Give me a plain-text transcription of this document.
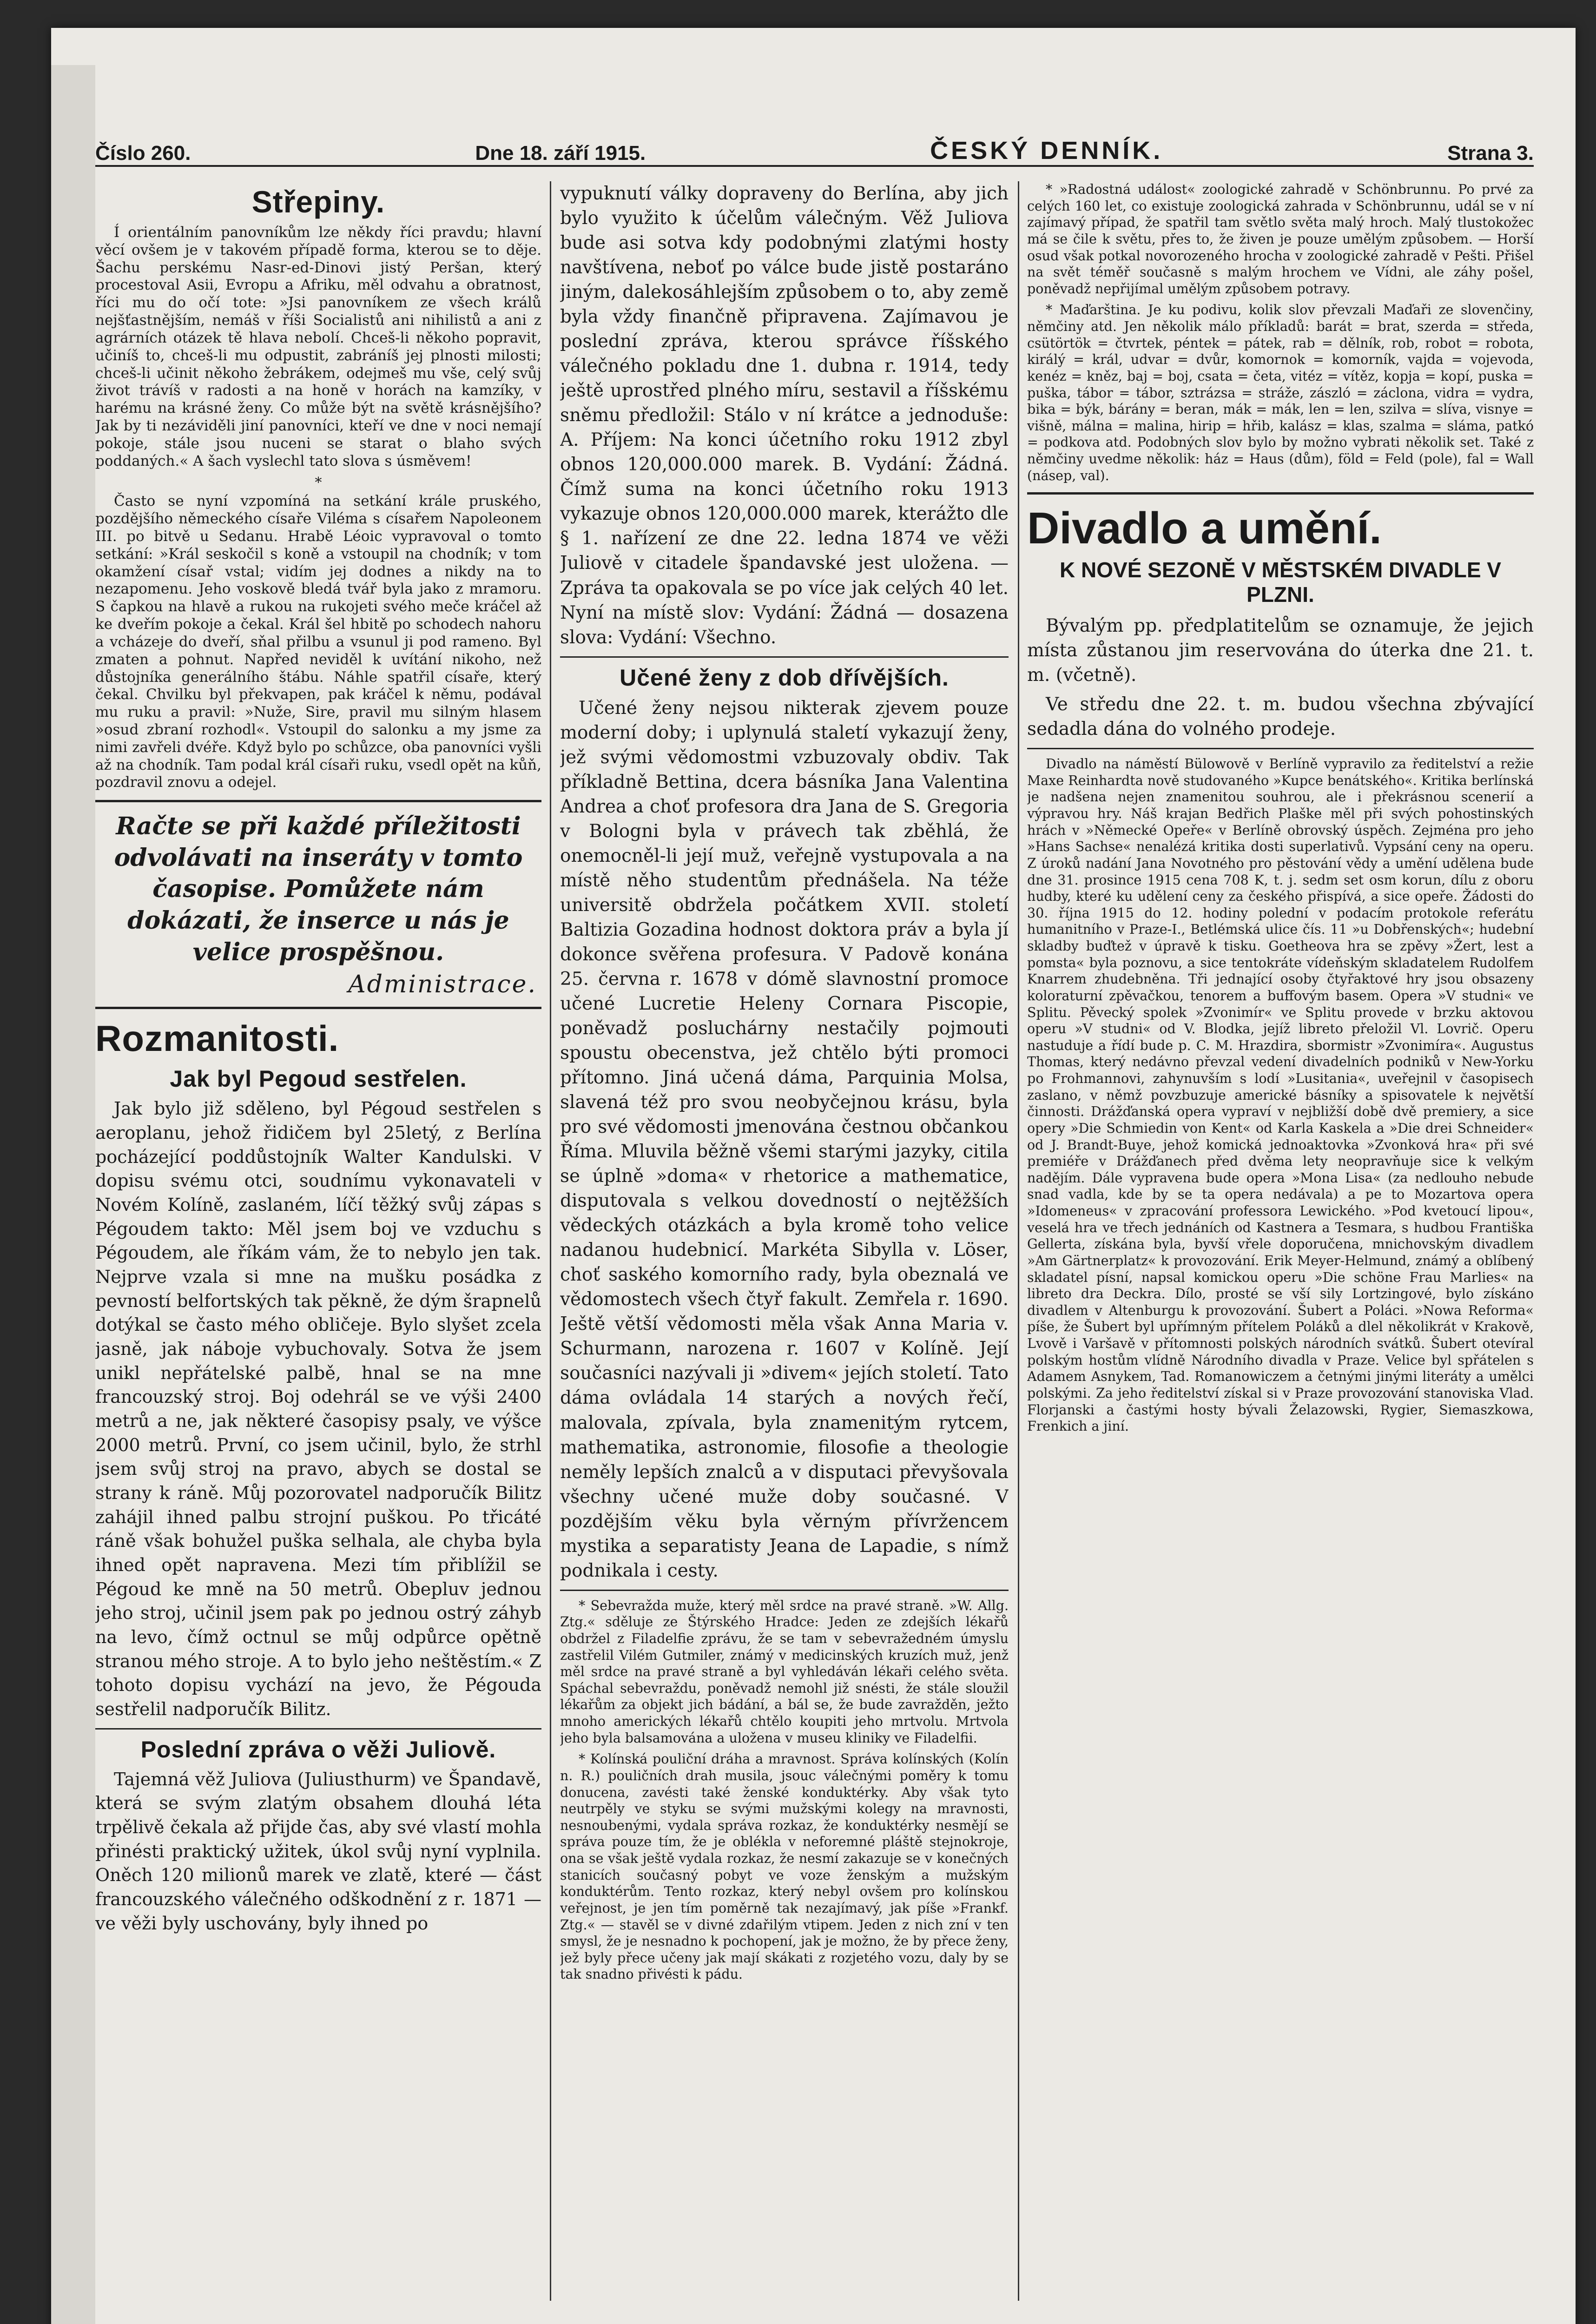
Číslo 260.	Dne 18. září 1915.	ČESKÝ DENNÍK.	Strana 3.
Střepiny.

Í orientálním panovníkům lze někdy říci pravdu; hlavní věcí ovšem je v takovém případě forma, kterou se to děje. Šachu perskému Nasr-ed-Dinovi jistý Peršan, který procestoval Asii, Evropu a Afriku, měl odvahu a obratnost, říci mu do očí tote: »Jsi panovníkem ze všech králů nejšťastnějším, nemáš v říši Socialistů ani nihilistů a ani z agrárních otázek tě hlava nebolí. Chceš-li někoho popravit, učiníš to, chceš-li mu odpustit, zabráníš jej plnosti milosti; chceš-li učinit někoho žebrákem, odejmeš mu vše, celý svůj život trávíš v radosti a na honě v horách na kamzíky, v harému na krásné ženy. Co může být na světě krásnějšího? Jak by ti nezáviděli jiní panovníci, kteří ve dne v noci nemají pokoje, stále jsou nuceni se starat o blaho svých poddaných.« A šach vyslechl tato slova s úsměvem!

*

Často se nyní vzpomíná na setkání krále pruského, pozdějšího německého císaře Viléma s císařem Napoleonem III. po bitvě u Sedanu. Hrabě Léoic vypravoval o tomto setkání: »Král seskočil s koně a vstoupil na chodník; v tom okamžení císař vstal; vidím jej dodnes a nikdy na to nezapomenu. Jeho voskově bledá tvář byla jako z mramoru. S čapkou na hlavě a rukou na rukojeti svého meče kráčel až ke dveřím pokoje a čekal. Král šel hbitě po schodech nahoru a vcházeje do dveří, sňal přilbu a vsunul ji pod rameno. Byl zmaten a pohnut. Napřed neviděl k uvítání nikoho, než důstojníka generálního štábu. Náhle spatřil císaře, který čekal. Chvilku byl překvapen, pak kráčel k němu, podával mu ruku a pravil: »Nuže, Sire, pravil mu silným hlasem »osud zbraní rozhodl«. Vstoupil do salonku a my jsme za nimi zavřeli dvéře. Když bylo po schůzce, oba panovníci vyšli až na chodník. Tam podal král císaři ruku, vsedl opět na kůň, pozdravil znovu a odejel.

Račte se při každé příležitosti odvolávati na inseráty v tomto časopise. Pomůžete nám dokázati, že inserce u nás je velice prospěšnou.
Administrace.
Rozmanitosti.
Jak byl Pegoud sestřelen.

Jak bylo již sděleno, byl Pégoud sestřelen s aeroplanu, jehož řidičem byl 25letý, z Berlína pocházející poddůstojník Walter Kandulski. V dopisu svému otci, soudnímu vykonavateli v Novém Kolíně, zaslaném, líčí těžký svůj zápas s Pégoudem takto: Měl jsem boj ve vzduchu s Pégoudem, ale říkám vám, že to nebylo jen tak. Nejprve vzala si mne na mušku posádka z pevností belfortských tak pěkně, že dým šrapnelů dotýkal se často mého obličeje. Bylo slyšet zcela jasně, jak náboje vybuchovaly. Sotva že jsem unikl nepřátelské palbě, hnal se na mne francouzský stroj. Boj odehrál se ve výši 2400 metrů a ne, jak některé časopisy psaly, ve výšce 2000 metrů. První, co jsem učinil, bylo, že strhl jsem svůj stroj na pravo, abych se dostal se strany k ráně. Můj pozorovatel nadporučík Bilitz zahájil ihned palbu strojní puškou. Po třicáté ráně však bohužel puška selhala, ale chyba byla ihned opět napravena. Mezi tím přiblížil se Pégoud ke mně na 50 metrů. Obepluv jednou jeho stroj, učinil jsem pak po jednou ostrý záhyb na levo, čímž octnul se můj odpůrce opětně stranou mého stroje. A to bylo jeho neštěstím.« Z tohoto dopisu vychází na jevo, že Pégouda sestřelil nadporučík Bilitz.

Poslední zpráva o věži Juliově.

Tajemná věž Juliova (Juliusthurm) ve Špandavě, která se svým zlatým obsahem dlouhá léta trpělivě čekala až přijde čas, aby své vlastí mohla přinésti praktický užitek, úkol svůj nyní vyplnila. Oněch 120 milionů marek ve zlatě, které — část francouzského válečného odškodnění z r. 1871 — ve věži byly uschovány, byly ihned po

vypuknutí války dopraveny do Berlína, aby jich bylo využito k účelům válečným. Věž Juliova bude asi sotva kdy podobnými zlatými hosty navštívena, neboť po válce bude jistě postaráno jiným, dalekosáhlejším způsobem o to, aby země byla vždy finančně připravena. Zajímavou je poslední zpráva, kterou správce říšského válečného pokladu dne 1. dubna r. 1914, tedy ještě uprostřed plného míru, sestavil a říšskému sněmu předložil: Stálo v ní krátce a jednoduše: A. Příjem: Na konci účetního roku 1912 zbyl obnos 120,000.000 marek. B. Vydání: Žádná. Čímž suma na konci účetního roku 1913 vykazuje obnos 120,000.000 marek, kterážto dle § 1. nařízení ze dne 22. ledna 1874 ve věži Juliově v citadele špandavské jest uložena. — Zpráva ta opakovala se po více jak celých 40 let. Nyní na místě slov: Vydání: Žádná — dosazena slova: Vydání: Všechno.

Učené ženy z dob dřívějších.

Učené ženy nejsou nikterak zjevem pouze moderní doby; i uplynulá staletí vykazují ženy, jež svými vědomostmi vzbuzovaly obdiv. Tak příkladně Bettina, dcera básníka Jana Valentina Andrea a choť profesora dra Jana de S. Gregoria v Bologni byla v právech tak zběhlá, že onemocněl-li její muž, veřejně vystupovala a na místě něho studentům přednášela. Na téže universitě obdržela počátkem XVII. století Baltizia Gozadina hodnost doktora práv a byla jí dokonce svěřena profesura. V Padově konána 25. června r. 1678 v dómě slavnostní promoce učené Lucretie Heleny Cornara Piscopie, poněvadž posluchárny nestačily pojmouti spoustu obecenstva, jež chtělo býti promoci přítomno. Jiná učená dáma, Parquinia Molsa, slavená též pro svou neobyčejnou krásu, byla pro své vědomosti jmenována čestnou občankou Říma. Mluvila běžně všemi starými jazyky, citila se úplně »doma« v rhetorice a mathematice, disputovala s velkou dovedností o nejtěžších vědeckých otázkách a byla kromě toho velice nadanou hudebnicí. Markéta Sibylla v. Löser, choť saského komorního rady, byla obeznalá ve vědomostech všech čtyř fakult. Zemřela r. 1690. Ještě větší vědomosti měla však Anna Maria v. Schurmann, narozena r. 1607 v Kolíně. Její současníci nazývali ji »divem« jejích století. Tato dáma ovládala 14 starých a nových řečí, malovala, zpívala, byla znamenitým rytcem, mathematika, astronomie, filosofie a theologie neměly lepších znalců a v disputaci převyšovala všechny učené muže doby současné. V pozdějším věku byla věrným přívržencem mystika a separatisty Jeana de Lapadie, s nímž podnikala i cesty.

* Sebevražda muže, který měl srdce na pravé straně. »W. Allg. Ztg.« sděluje ze Štýrského Hradce: Jeden ze zdejších lékařů obdržel z Filadelfie zprávu, že se tam v sebevražedném úmyslu zastřelil Vilém Gutmiler, známý v medicinských kruzích muž, jenž měl srdce na pravé straně a byl vyhledáván lékaři celého světa. Spáchal sebevraždu, poněvadž nemohl již snésti, že stále sloužil lékařům za objekt jich bádání, a bál se, že bude zavražděn, ježto mnoho amerických lékařů chtělo koupiti jeho mrtvolu. Mrtvola jeho byla balsamována a uložena v museu kliniky ve Filadelfii.

* Kolínská pouliční dráha a mravnost. Správa kolínských (Kolín n. R.) pouličních drah musila, jsouc válečnými poměry k tomu donucena, zavésti také ženské konduktérky. Aby však tyto neutrpěly ve styku se svými mužskými kolegy na mravnosti, nesnoubenými, vydala správa rozkaz, že konduktérky nesmějí se správa pouze tím, že je oblékla v neforemné pláště stejnokroje, ona se však ještě vydala rozkaz, že nesmí zakazuje se v konečných stanicích současný pobyt ve voze ženským a mužským konduktérům. Tento rozkaz, který nebyl ovšem pro kolínskou veřejnost, je jen tím poměrně tak nezajímavý, jak píše »Frankf. Ztg.« — stavěl se v divné zdařilým vtipem. Jeden z nich zní v ten smysl, že je nesnadno k pochopení, jak je možno, že by přece ženy, jež byly přece učeny jak mají skákati z rozjetého vozu, daly by se tak snadno přivésti k pádu.

* »Radostná událost« zoologické zahradě v Schönbrunnu. Po prvé za celých 160 let, co existuje zoologická zahrada v Schönbrunnu, udál se v ní zajímavý případ, že spatřil tam světlo světa malý hroch. Malý tlustokožec má se čile k světu, přes to, že živen je pouze umělým způsobem. — Horší osud však potkal novorozeného hrocha v zoologické zahradě v Pešti. Přišel na svět téměř současně s malým hrochem ve Vídni, ale záhy pošel, poněvadž nepřijímal umělým způsobem potravy.

* Maďarština. Je ku podivu, kolik slov převzali Maďaři ze slovenčiny, němčiny atd. Jen několik málo příkladů: barát = brat, szerda = středa, csütörtök = čtvrtek, péntek = pátek, rab = dělník, rob, robot = robota, királý = král, udvar = dvůr, komornok = komorník, vajda = vojevoda, kenéz = kněz, baj = boj, csata = četa, vitéz = vítěz, kopja = kopí, puska = puška, tábor = tábor, sztrázsa = stráže, zászló = záclona, vidra = vydra, bika = býk, bárány = beran, mák = mák, len = len, szilva = slíva, visnye = višně, málna = malina, hirip = hřib, kalász = klas, szalma = sláma, patkó = podkova atd. Podobných slov bylo by možno vybrati několik set. Také z němčiny uvedme několik: ház = Haus (dům), föld = Feld (pole), fal = Wall (násep, val).

Divadlo a umění.
K NOVÉ SEZONĚ V MĚSTSKÉM DIVADLE V PLZNI.

Bývalým pp. předplatitelům se oznamuje, že jejich místa zůstanou jim reservována do úterka dne 21. t. m. (včetně).

Ve středu dne 22. t. m. budou všechna zbývající sedadla dána do volného prodeje.

Divadlo na náměstí Bülowově v Berlíně vypravilo za ředitelství a režie Maxe Reinhardta nově studovaného »Kupce benátského«. Kritika berlínská je nadšena nejen znamenitou souhrou, ale i překrásnou scenerií a výpravou hry. Náš krajan Bedřich Plaške měl při svých pohostinských hrách v »Německé Opeře« v Berlíně obrovský úspěch. Zejména pro jeho »Hans Sachse« nenalézá kritika dosti superlativů. Vypsání ceny na operu. Z úroků nadání Jana Novotného pro pěstování vědy a umění udělena bude dne 31. prosince 1915 cena 708 K, t. j. sedm set osm korun, dílu z oboru hudby, které ku udělení ceny za českého přispívá, a sice opeře. Žádosti do 30. října 1915 do 12. hodiny polední v podacím protokole referátu humanitního v Praze-I., Betlémská ulice čís. 11 »u Dobřenských«; hudební skladby buďtež v úpravě k tisku. Goetheova hra se zpěvy »Žert, lest a pomsta« byla poznovu, a sice tentokráte vídeňským skladatelem Rudolfem Knarrem zhudebněna. Tři jednající osoby čtyřaktové hry jsou obsazeny koloraturní zpěvačkou, tenorem a buffovým basem. Opera »V studni« ve Splitu. Pěvecký spolek »Zvonimír« ve Splitu provede v brzku aktovou operu »V studni« od V. Blodka, jejíž libreto přeložil Vl. Lovrič. Operu nastuduje a řídí bude p. C. M. Hrazdira, sbormistr »Zvonimíra«. Augustus Thomas, který nedávno převzal vedení divadelních podniků v New-Yorku po Frohmannovi, zahynuvším s lodí »Lusitania«, uveřejnil v časopisech zaslano, v němž povzbuzuje americké básníky a spisovatele k největší činnosti. Drážďanská opera vypraví v nejbližší době dvě premiery, a sice opery »Die Schmiedin von Kent« od Karla Kaskela a »Die drei Schneider« od J. Brandt-Buye, jehož komická jednoaktovka »Zvonková hra« při své premiéře v Drážďanech před dvěma lety neopravňuje sice k velkým nadějím. Dále vypravena bude opera »Mona Lisa« (za nedlouho nebude snad vadla, kde by se ta opera nedávala) a pe to Mozartova opera »Idomeneus« v zpracování professora Lewického. »Pod kvetoucí lipou«, veselá hra ve třech jednáních od Kastnera a Tesmara, s hudbou Františka Gellerta, získána byla, byvší vřele doporučena, mnichovským divadlem »Am Gärtnerplatz« k provozování. Erik Meyer-Helmund, známý a oblíbený skladatel písní, napsal komickou operu »Die schöne Frau Marlies« na libreto dra Deckra. Dílo, prosté se vší sily Lortzingové, bylo získáno divadlem v Altenburgu k provozování. Šubert a Poláci. »Nowa Reforma« píše, že Šubert byl upřímným přítelem Poláků a dlel několikrát v Krakově, Lvově i Varšavě v přítomnosti polských národních svátků. Šubert otevíral polským hostům vlídně Národního divadla v Praze. Velice byl spřátelen s Adamem Asnykem, Tad. Romanowiczem a četnými jinými literáty a umělci polskými. Za jeho ředitelství získal si v Praze provozování stanoviska Vlad. Florjanski a častými hosty bývali Želazowski, Rygier, Siemaszkowa, Frenkich a jiní.
